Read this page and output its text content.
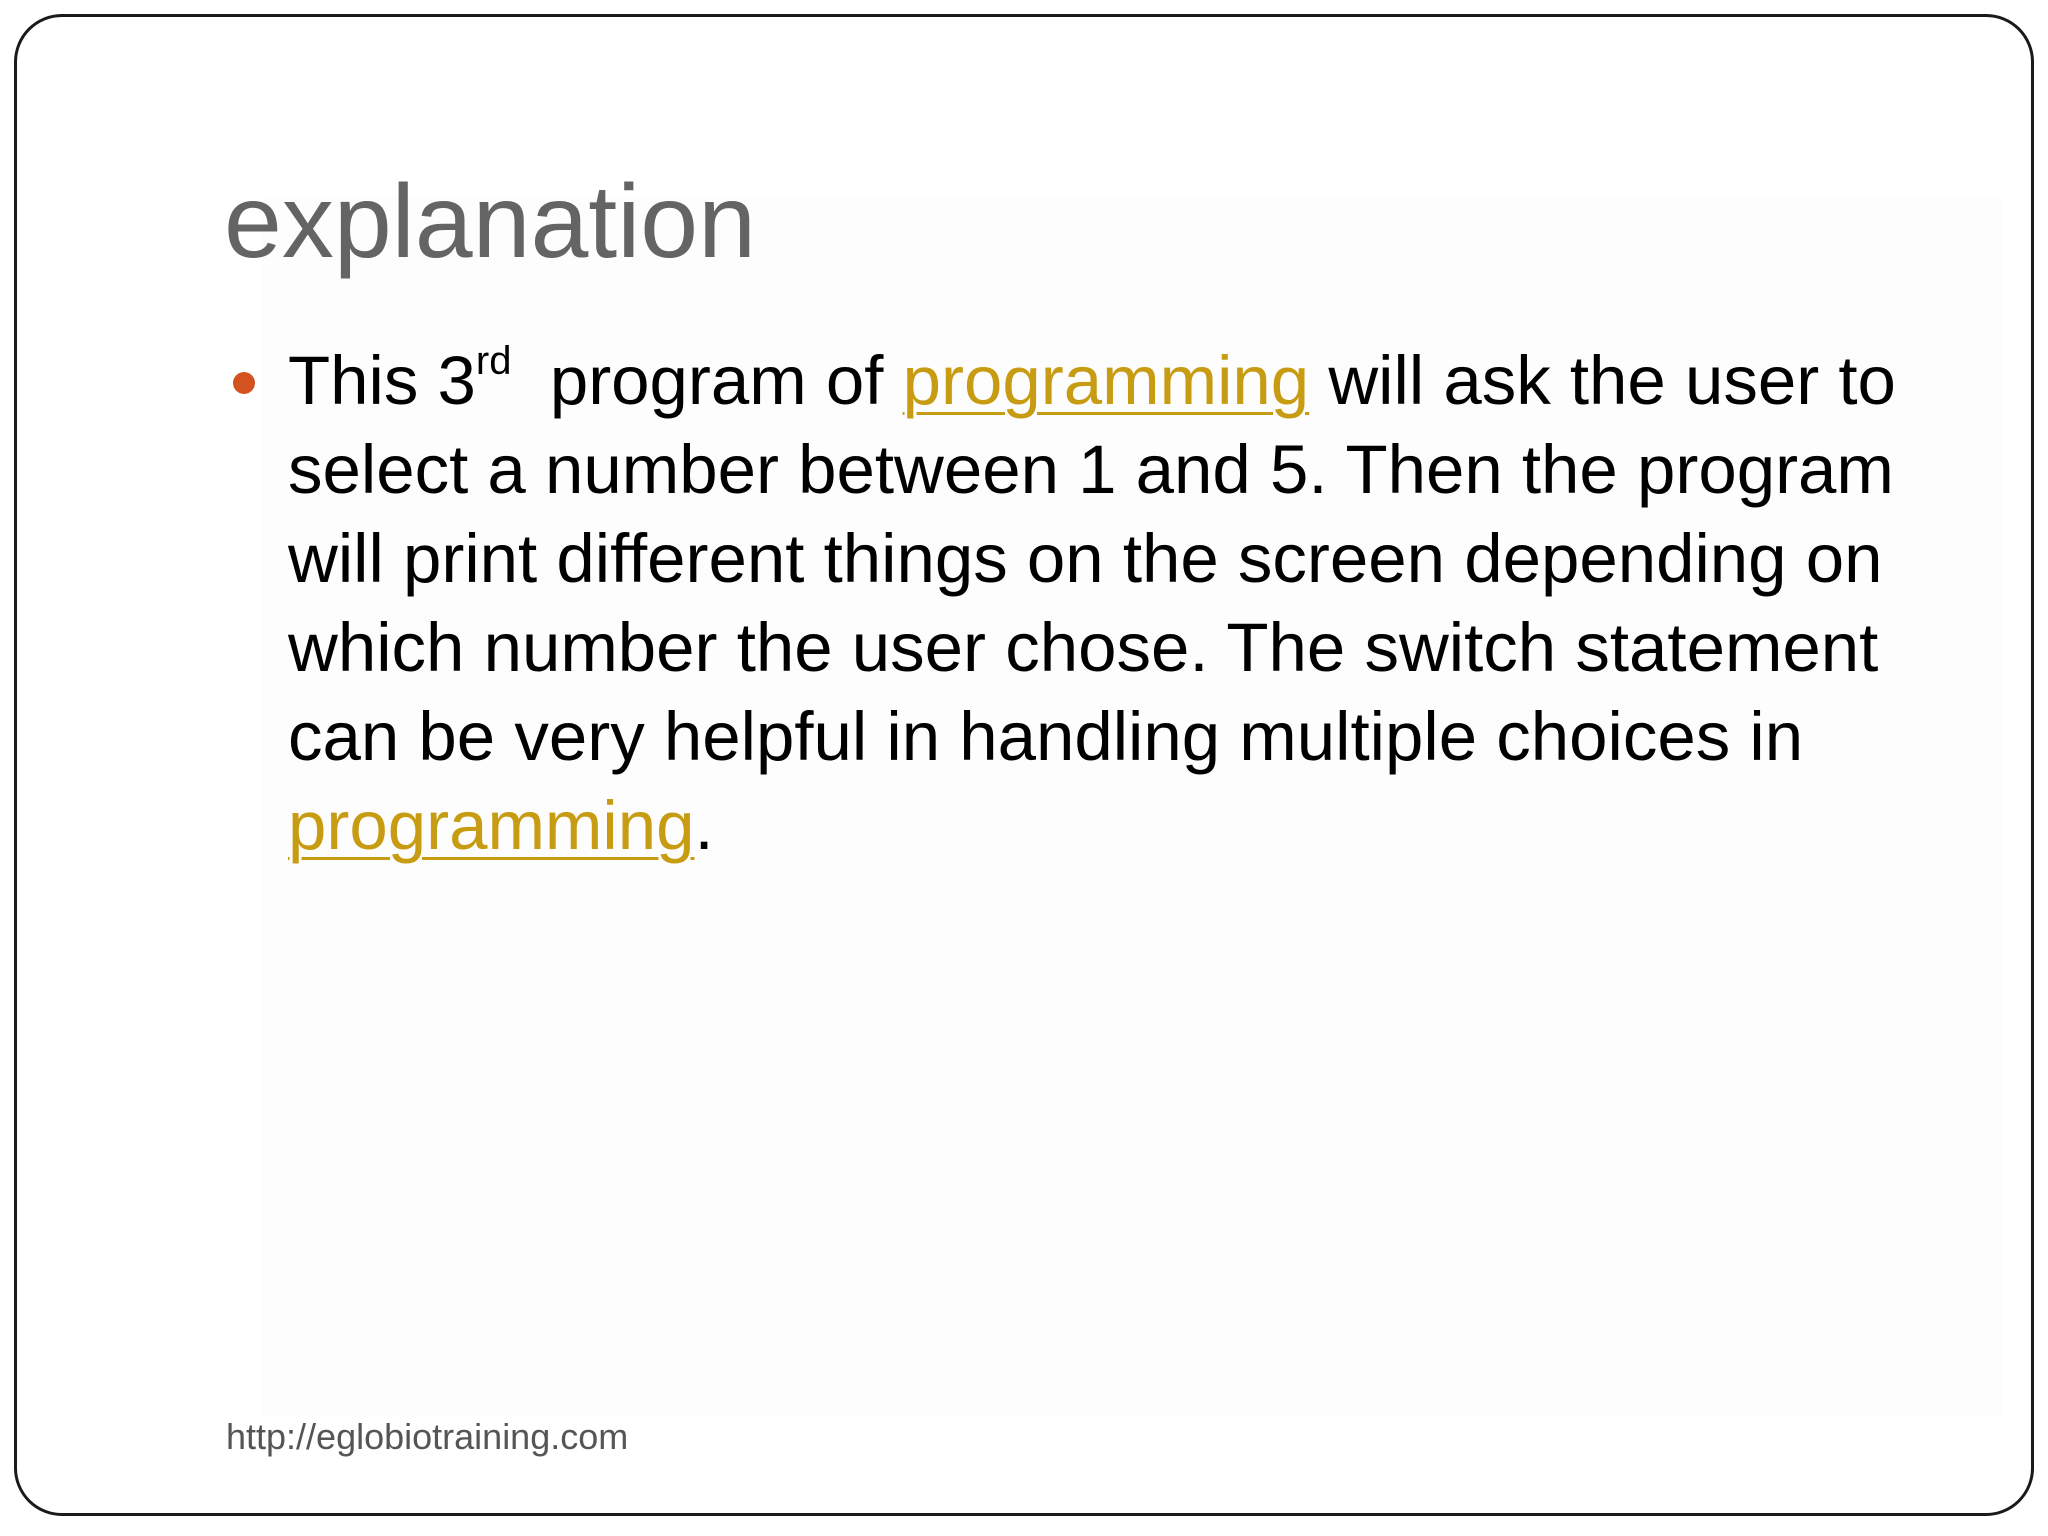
explanation
This 3rd  program of programming will ask the user to select a number between 1 and 5. Then the program will print different things on the screen depending on which number the user chose. The switch statement can be very helpful in handling multiple choices in programming.
http://eglobiotraining.com
